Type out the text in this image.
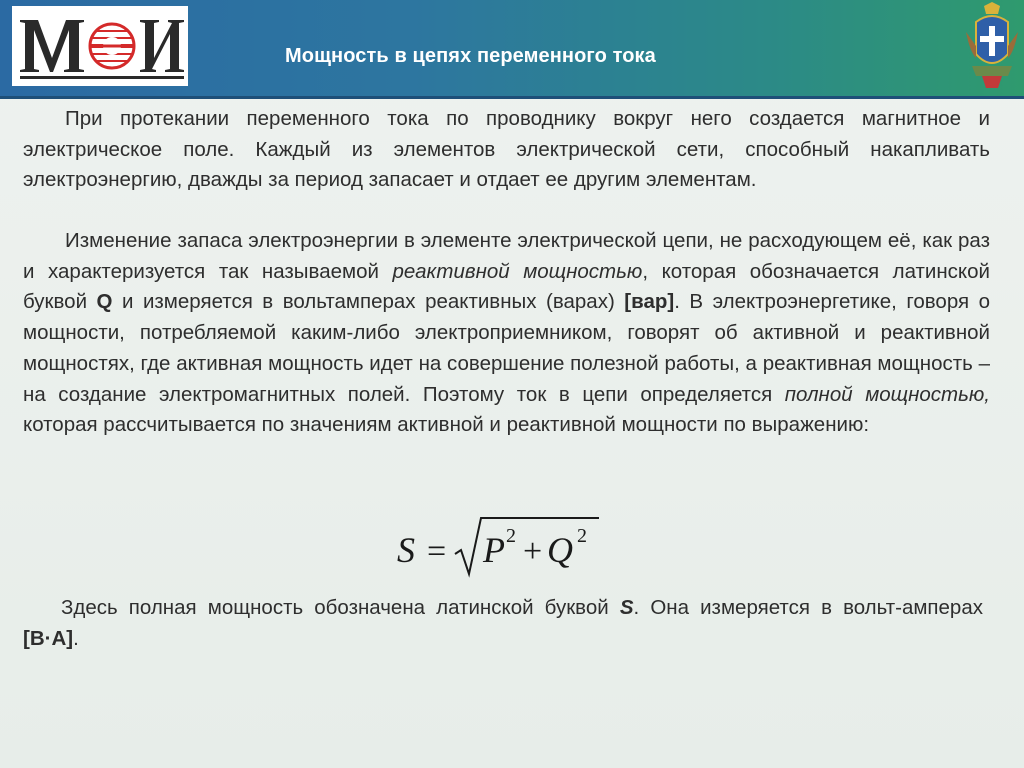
Мощность в цепях переменного тока

При протекании переменного тока по проводнику вокруг него создается магнитное и электрическое поле. Каждый из элементов электрической сети, способный накапливать электроэнергию, дважды за период запасает и отдает ее другим элементам.

Изменение запаса электроэнергии в элементе электрической цепи, не расходующем её, как раз и характеризуется так называемой реактивной мощностью, которая обозначается латинской буквой Q и измеряется в вольтамперах реактивных (варах) [вар]. В электроэнергетике, говоря о мощности, потребляемой каким-либо электроприемником, говорят об активной и реактивной мощностях, где активная мощность идет на совершение полезной работы, а реактивная мощность – на создание электромагнитных полей. Поэтому ток в цепи определяется полной мощностью, которая рассчитывается по значениям активной и реактивной мощности по выражению:

S = P 2 + Q 2

Здесь полная мощность обозначена латинской буквой S. Она измеряется в вольт-амперах [В·А].
